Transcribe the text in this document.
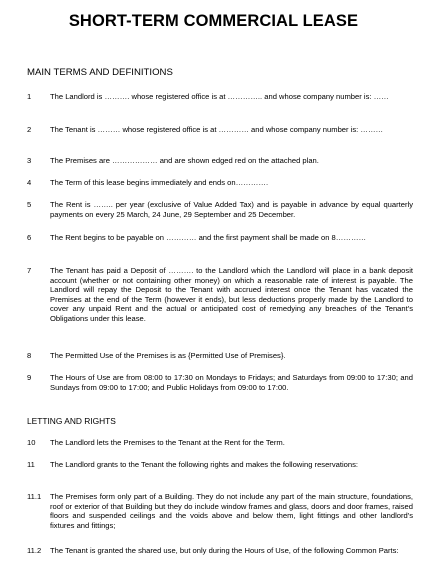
SHORT-TERM COMMERCIAL LEASE
MAIN TERMS AND DEFINITIONS
1 The Landlord is ………. whose registered office is at ………….. and whose company number is: ……
2 The Tenant is ……… whose registered office is at ………… and whose company number is: ………
3 The Premises are ……………… and are shown edged red on the attached plan.
4 The Term of this lease begins immediately and ends on………….
5 The Rent is …….. per year (exclusive of Value Added Tax) and is payable in advance by equal quarterly payments on every 25 March, 24 June, 29 September and 25 December.
6 The Rent begins to be payable on ………… and the first payment shall be made on 8…………
7 The Tenant has paid a Deposit of ………. to the Landlord which the Landlord will place in a bank deposit account (whether or not containing other money) on which a reasonable rate of interest is payable. The Landlord will repay the Deposit to the Tenant with accrued interest once the Tenant has vacated the Premises at the end of the Term (however it ends), but less deductions properly made by the Landlord to cover any unpaid Rent and the actual or anticipated cost of remedying any breaches of the Tenant's Obligations under this lease.
8 The Permitted Use of the Premises is as {Permitted Use of Premises}.
9 The Hours of Use are from 08:00 to 17:30 on Mondays to Fridays; and Saturdays from 09:00 to 17:30; and Sundays from 09:00 to 17:00; and Public Holidays from 09:00 to 17:00.
LETTING AND RIGHTS
10 The Landlord lets the Premises to the Tenant at the Rent for the Term.
11 The Landlord grants to the Tenant the following rights and makes the following reservations:
11.1 The Premises form only part of a Building. They do not include any part of the main structure, foundations, roof or exterior of that Building but they do include window frames and glass, doors and door frames, raised floors and suspended ceilings and the voids above and below them, light fittings and other landlord's fixtures and fittings;
11.2 The Tenant is granted the shared use, but only during the Hours of Use, of the following Common Parts:
